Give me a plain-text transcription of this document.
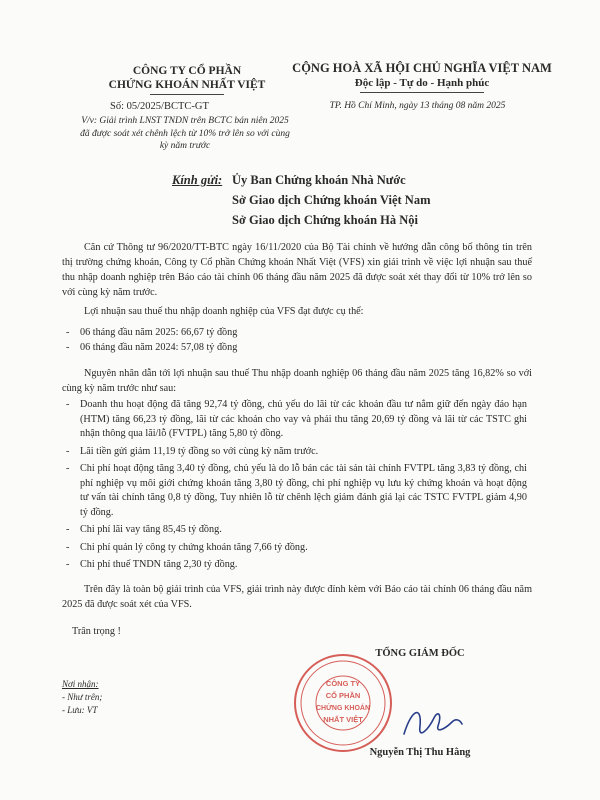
CÔNG TY CỔ PHẦN
CHỨNG KHOÁN NHẤT VIỆT
CỘNG HOÀ XÃ HỘI CHỦ NGHĨA VIỆT NAM
Độc lập - Tự do - Hạnh phúc
Số: 05/2025/BCTC-GT
V/v: Giải trình LNST TNDN trên BCTC bán niên 2025 đã được soát xét chênh lệch từ 10% trở lên so với cùng kỳ năm trước
TP. Hồ Chí Minh, ngày 13 tháng 08 năm 2025
Kính gửi: Ủy Ban Chứng khoán Nhà Nước
Sở Giao dịch Chứng khoán Việt Nam
Sở Giao dịch Chứng khoán Hà Nội
Căn cứ Thông tư 96/2020/TT-BTC ngày 16/11/2020 của Bộ Tài chính về hướng dẫn công bố thông tin trên thị trường chứng khoán, Công ty Cổ phần Chứng khoán Nhất Việt (VFS) xin giải trình về việc lợi nhuận sau thuế thu nhập doanh nghiệp trên Báo cáo tài chính 06 tháng đầu năm 2025 đã được soát xét thay đổi từ 10% trở lên so với cùng kỳ năm trước.
Lợi nhuận sau thuế thu nhập doanh nghiệp của VFS đạt được cụ thể:
- 06 tháng đầu năm 2025: 66,67 tỷ đồng
- 06 tháng đầu năm 2024: 57,08 tỷ đồng
Nguyên nhân dẫn tới lợi nhuận sau thuế Thu nhập doanh nghiệp 06 tháng đầu năm 2025 tăng 16,82% so với cùng kỳ năm trước như sau:
- Doanh thu hoạt động đã tăng 92,74 tỷ đồng, chủ yếu do lãi từ các khoản đầu tư nắm giữ đến ngày đáo hạn (HTM) tăng 66,23 tỷ đồng, lãi từ các khoản cho vay và phải thu tăng 20,69 tỷ đồng và lãi từ các TSTC ghi nhận thông qua lãi/lỗ (FVTPL) tăng 5,80 tỷ đồng.
- Lãi tiền gửi giảm 11,19 tỷ đồng so với cùng kỳ năm trước.
- Chi phí hoạt động tăng 3,40 tỷ đồng, chủ yếu là do lỗ bán các tài sản tài chính FVTPL tăng 3,83 tỷ đồng, chi phí nghiệp vụ môi giới chứng khoán tăng 3,80 tỷ đồng, chi phí nghiệp vụ lưu ký chứng khoán và hoạt động tư vấn tài chính tăng 0,8 tỷ đồng, Tuy nhiên lỗ từ chênh lệch giảm đánh giá lại các TSTC FVTPL giảm 4,90 tỷ đồng.
- Chi phí lãi vay tăng 85,45 tỷ đồng.
- Chi phí quản lý công ty chứng khoán tăng 7,66 tỷ đồng.
- Chi phí thuế TNDN tăng 2,30 tỷ đồng.
Trên đây là toàn bộ giải trình của VFS, giải trình này được đính kèm với Báo cáo tài chính 06 tháng đầu năm 2025 đã được soát xét của VFS.
Trân trọng !
Nơi nhận:
- Như trên;
- Lưu: VT
TỔNG GIÁM ĐỐC
CÔNG TY
CỔ PHẦN
CHỨNG KHOÁN
NHẤT VIỆT
Nguyễn Thị Thu Hằng
